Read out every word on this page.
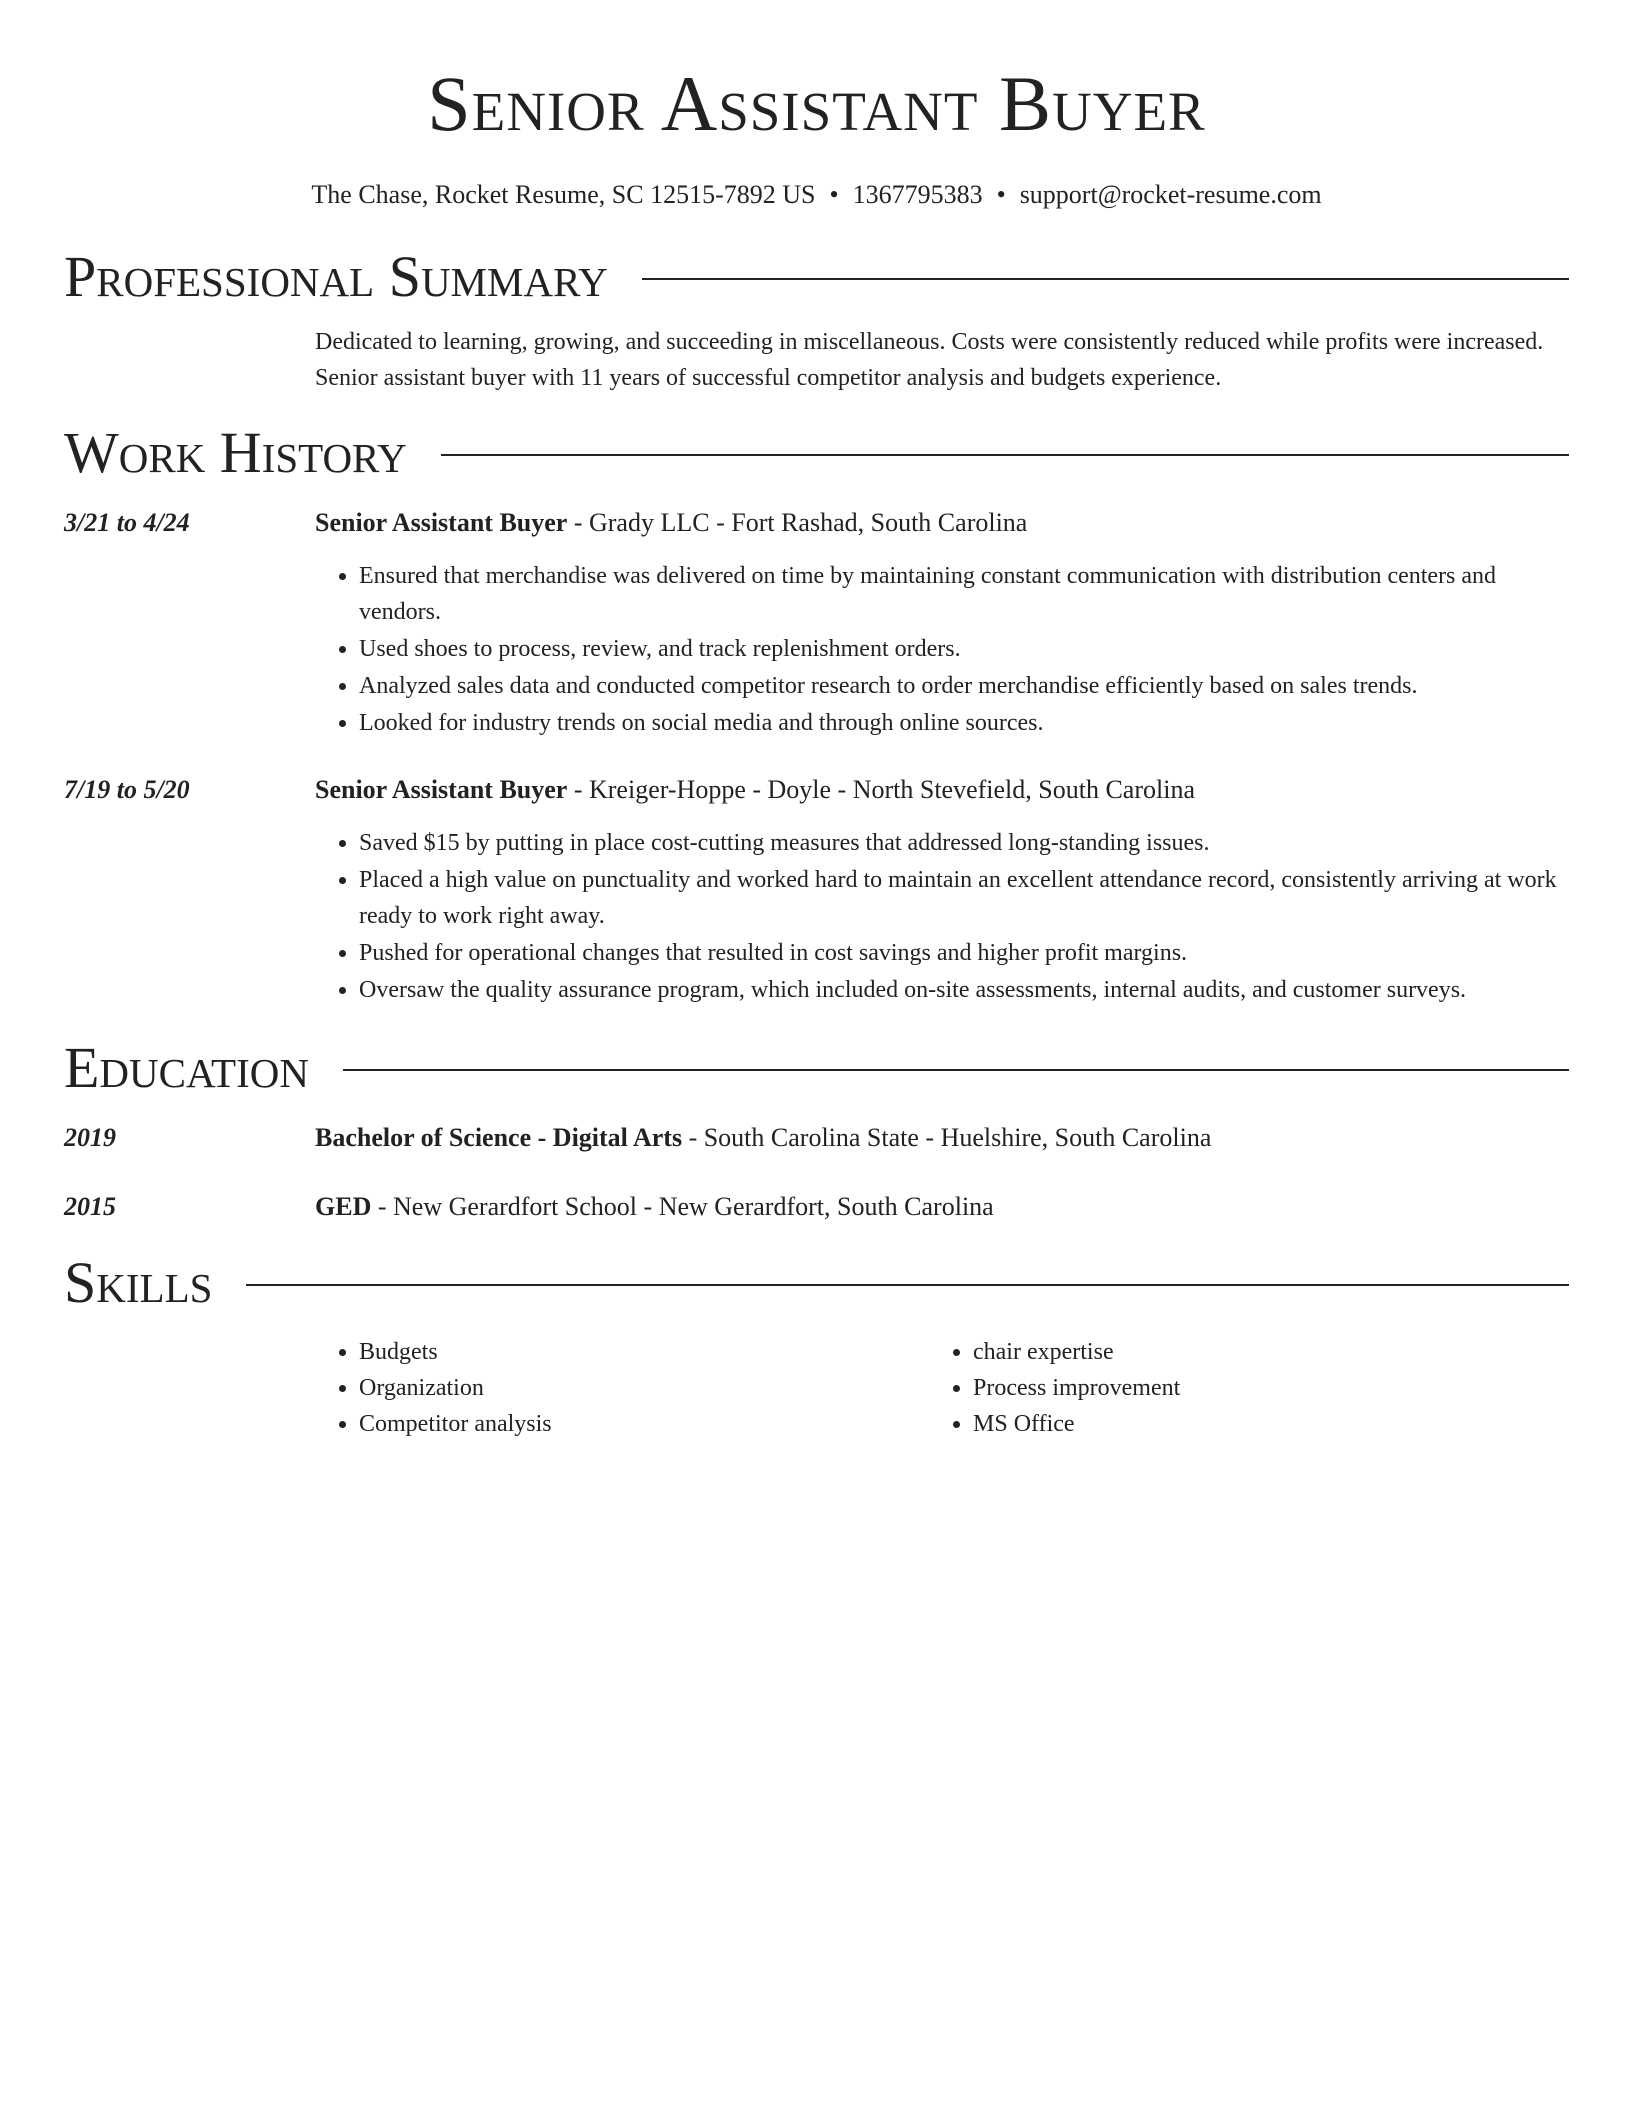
Senior Assistant Buyer
The Chase, Rocket Resume, SC 12515-7892 US • 1367795383 • support@rocket-resume.com
Professional Summary
Dedicated to learning, growing, and succeeding in miscellaneous. Costs were consistently reduced while profits were increased. Senior assistant buyer with 11 years of successful competitor analysis and budgets experience.
Work History
3/21 to 4/24	Senior Assistant Buyer - Grady LLC - Fort Rashad, South Carolina
• Ensured that merchandise was delivered on time by maintaining constant communication with distribution centers and vendors.
• Used shoes to process, review, and track replenishment orders.
• Analyzed sales data and conducted competitor research to order merchandise efficiently based on sales trends.
• Looked for industry trends on social media and through online sources.
7/19 to 5/20	Senior Assistant Buyer - Kreiger-Hoppe - Doyle - North Stevefield, South Carolina
• Saved $15 by putting in place cost-cutting measures that addressed long-standing issues.
• Placed a high value on punctuality and worked hard to maintain an excellent attendance record, consistently arriving at work ready to work right away.
• Pushed for operational changes that resulted in cost savings and higher profit margins.
• Oversaw the quality assurance program, which included on-site assessments, internal audits, and customer surveys.
Education
2019	Bachelor of Science - Digital Arts - South Carolina State - Huelshire, South Carolina
2015	GED - New Gerardfort School - New Gerardfort, South Carolina
Skills
• Budgets
• Organization
• Competitor analysis
• chair expertise
• Process improvement
• MS Office
